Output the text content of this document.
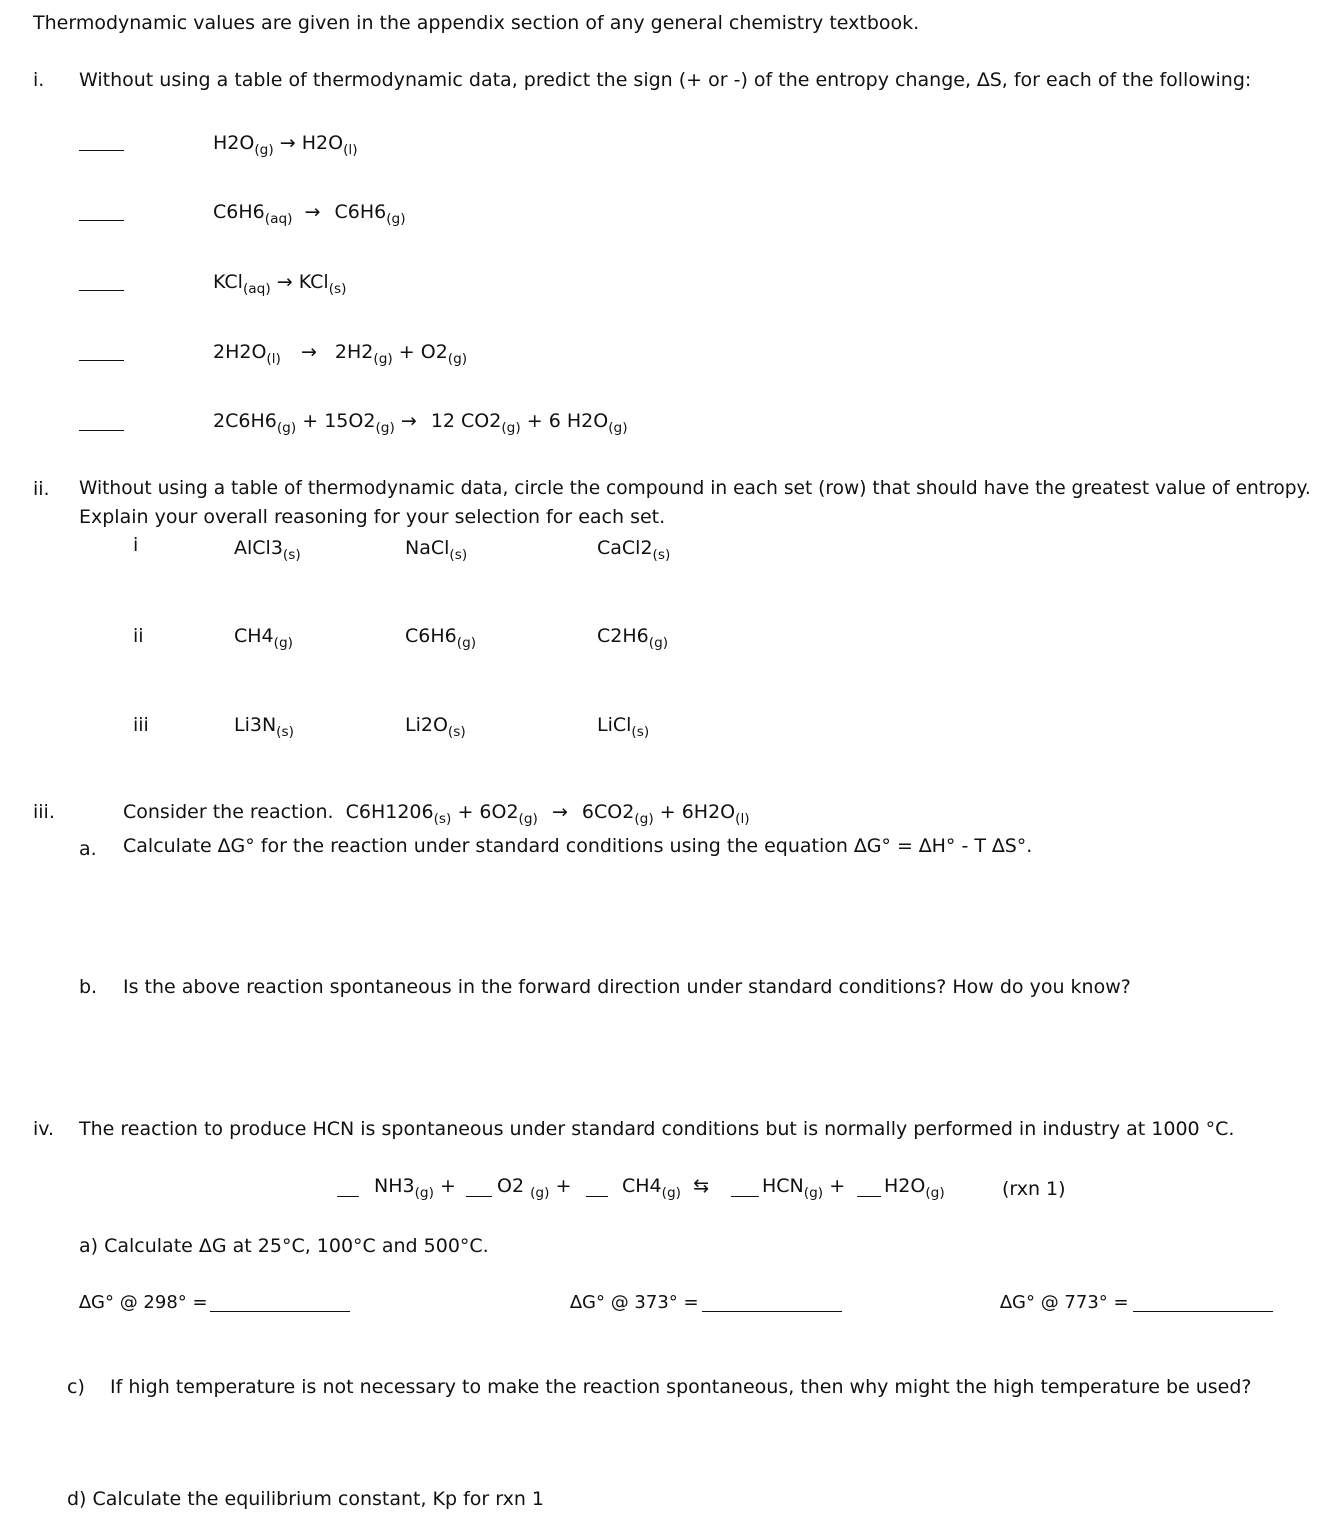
Thermodynamic values are given in the appendix section of any general chemistry textbook.
i. Without using a table of thermodynamic data, predict the sign (+ or -) of the entropy change, ∆S, for each of the following:
$H2O_{(g)} \to H2O_{(l)}$
$C6H6_{(aq)} \to C6H6_{(g)}$
KCl$_{(aq)}$ → KCl$_{(s)}$
$2H2O_{(l)} \to 2H2_{(g)} + O2_{(g)}$
$2C6H6_{(g)} + 15O2_{(g)} \to 12$ $CO2_{(g)} + 6$ $H2O_{(g)}$
ii. Without using a table of thermodynamic data, circle the compound in each set (row) that should have the greatest value of entropy.
Explain your overall reasoning for your selection for each set.
i	$AlCl3_{(s)}$	NaCl$_{(s)}$	$CaCl2_{(s)}$
ii	$CH4_{(g)}$	$C6H6_{(g)}$	$C2H6_{(g)}$
iii	$Li3N_{(s)}$	$Li2O_{(s)}$	LiCl$_{(s)}$
iii.	Consider the reaction. $C6H1206_{(s)} + 6O2_{(g)} \to 6CO2_{(g)} + 6H2O_{(l)}$
a. Calculate ∆G° for the reaction under standard conditions using the equation ∆G° = ∆H° - T ∆S°.
b. Is the above reaction spontaneous in the forward direction under standard conditions? How do you know?
iv. The reaction to produce HCN is spontaneous under standard conditions but is normally performed in industry at 1000 °C.
$NH3_{(g)} + O2$ $_{(g)}$ +	$CH4_{(g)}$ ⇆	$HCN_{(g)} + H2O_{(g)}$	(rxn 1)
a) Calculate ΔG at 25°C, 100°C and 500°C.
∆G° @ 298° =	∆G° @ 373° =	∆G° @ 773° =
c) If high temperature is not necessary to make the reaction spontaneous, then why might the high temperature be used?
d) Calculate the equilibrium constant, Kp for rxn 1
